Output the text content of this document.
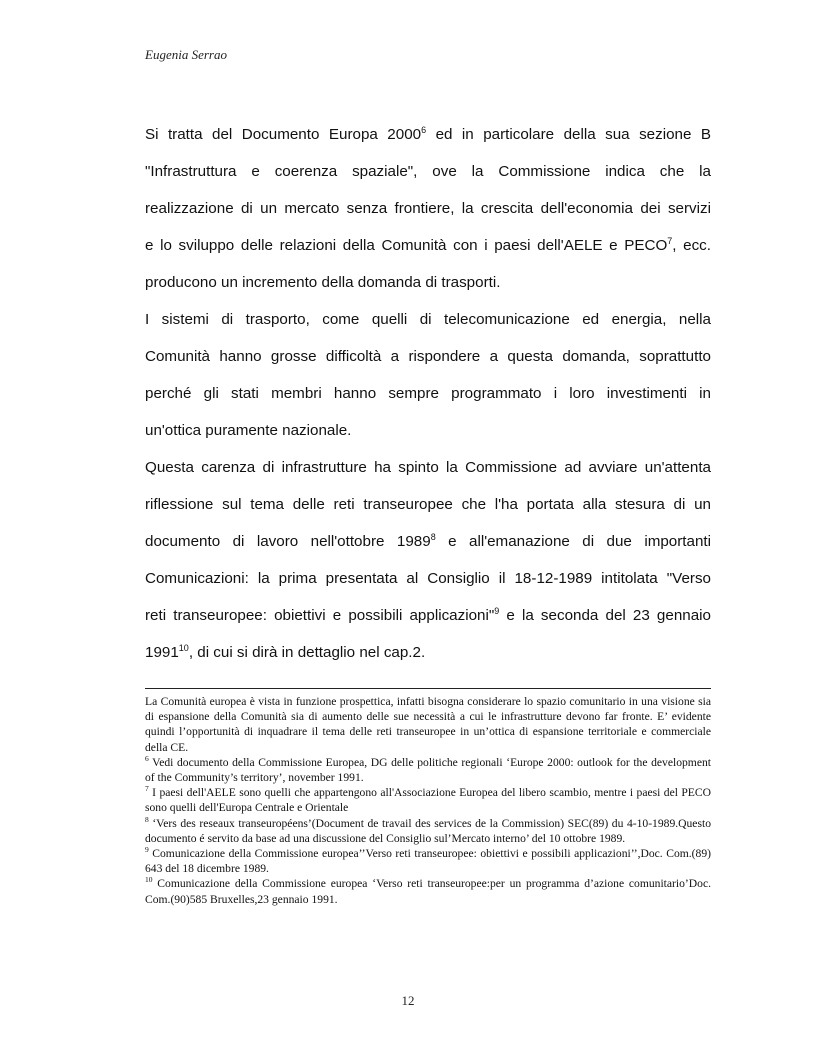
Eugenia Serrao

Si tratta del Documento Europa 2000$^6$ ed in particolare della sua sezione B
"Infrastruttura e coerenza spaziale", ove la Commissione indica che la
realizzazione di un mercato senza frontiere, la crescita dell'economia dei servizi
e lo sviluppo delle relazioni della Comunità con i paesi dell'AELE e PECO$^7$, ecc.
producono un incremento della domanda di trasporti.

I sistemi di trasporto, come quelli di telecomunicazione ed energia, nella
Comunità hanno grosse difficoltà a rispondere a questa domanda, soprattutto
perché gli stati membri hanno sempre programmato i loro investimenti in
un'ottica puramente nazionale.

Questa carenza di infrastrutture ha spinto la Commissione ad avviare un'attenta
riflessione sul tema delle reti transeuropee che l'ha portata alla stesura di un
documento di lavoro nell'ottobre 1989$^8$ e all'emanazione di due importanti
Comunicazioni: la prima presentata al Consiglio il 18-12-1989 intitolata "Verso
reti transeuropee: obiettivi e possibili applicazioni"$^9$ e la seconda del 23 gennaio
1991$^{10}$, di cui si dirà in dettaglio nel cap.2.

La Comunità europea è vista in funzione prospettica, infatti bisogna considerare lo spazio comunitario in una visione sia di espansione della Comunità sia di aumento delle sue necessità a cui le infrastrutture devono far fronte. E’ evidente quindi l’opportunità di inquadrare il tema delle reti transeuropee in un’ottica di espansione territoriale e commerciale della CE.

$^6$ Vedi documento della Commissione Europea, DG delle politiche regionali ‘Europe 2000: outlook for the development of the Community’s territory’, november 1991.

$^7$ I paesi dell'AELE sono quelli che appartengono all'Associazione Europea del libero scambio, mentre i paesi del PECO sono quelli dell'Europa Centrale e Orientale

$^8$ ‘Vers des reseaux transeuropéens’(Document de travail des services de la Commission) SEC(89) du 4-10-1989.Questo documento é servito da base ad una discussione del Consiglio sul’Mercato interno’ del 10 ottobre 1989.

$^9$ Comunicazione della Commissione europea’’Verso reti transeuropee: obiettivi e possibili applicazioni’’,Doc. Com.(89) 643 del 18 dicembre 1989.

$^{10}$ Comunicazione della Commissione europea ‘Verso reti transeuropee:per un programma d’azione comunitario’Doc. Com.(90)585 Bruxelles,23 gennaio 1991.

12
